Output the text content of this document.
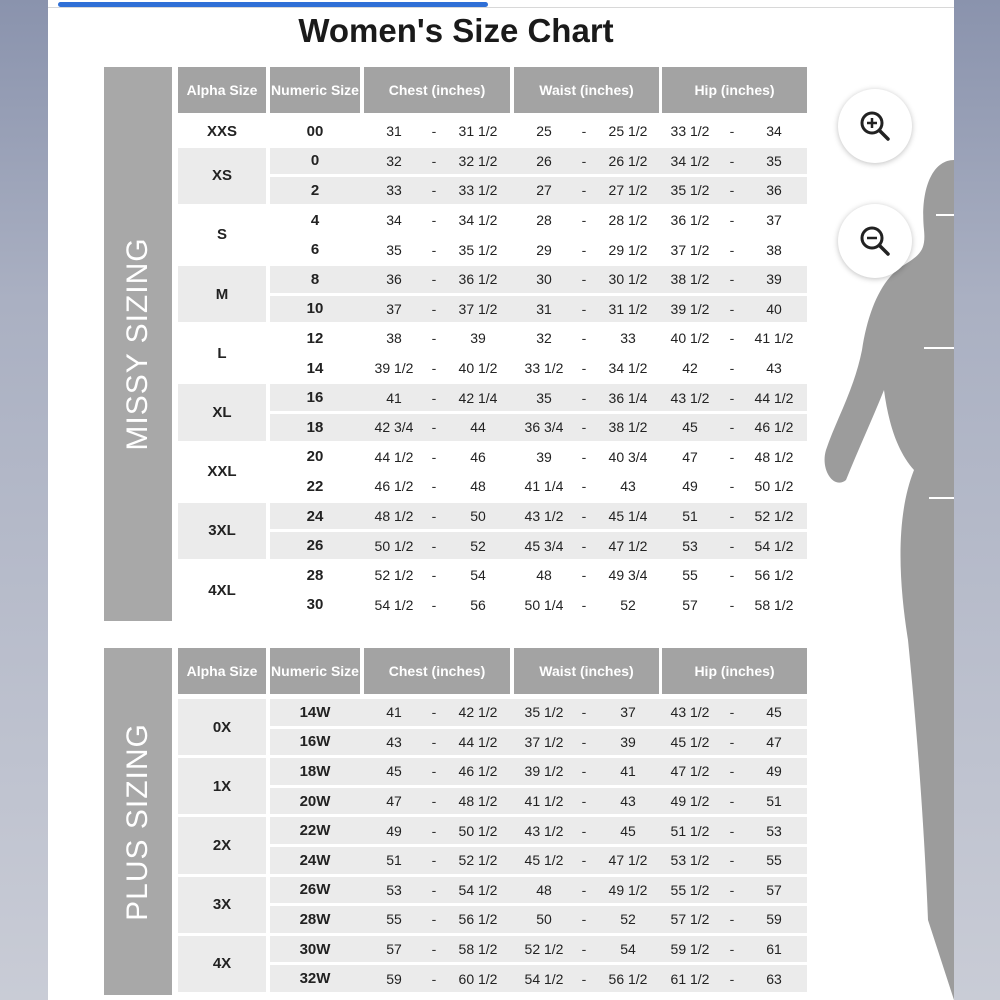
Women's Size Chart
MISSY SIZING
PLUS SIZING
Alpha Size Numeric Size	Chest (inches)	Waist (inches)	Hip (inches)
XXS	00	31	-	31 1/2	25	-	25 1/2	33 1/2	-	34
XS
0	32	-	32 1/2	26	-	26 1/2	34 1/2	-	35
2	33	-	33 1/2	27	-	27 1/2	35 1/2	-	36
S
4	34	-	34 1/2	28	-	28 1/2	36 1/2	-	37
6	35	-	35 1/2	29	-	29 1/2	37 1/2	-	38
M
8	36	-	36 1/2	30	-	30 1/2	38 1/2	-	39
10	37	-	37 1/2	31	-	31 1/2	39 1/2	-	40
L
12	38	-	39	32	-	33	40 1/2	-	41 1/2
14	39 1/2	-	40 1/2	33 1/2	-	34 1/2	42	-	43
XL
16	41	-	42 1/4	35	-	36 1/4	43 1/2	-	44 1/2
18	42 3/4	-	44	36 3/4	-	38 1/2	45	-	46 1/2
XXL
20	44 1/2	-	46	39	-	40 3/4	47	-	48 1/2
22	46 1/2	-	48	41 1/4	-	43	49	-	50 1/2
3XL
24	48 1/2	-	50	43 1/2	-	45 1/4	51	-	52 1/2
26	50 1/2	-	52	45 3/4	-	47 1/2	53	-	54 1/2
4XL
28	52 1/2	-	54	48	-	49 3/4	55	-	56 1/2
30	54 1/2	-	56	50 1/4	-	52	57	-	58 1/2
Alpha Size Numeric Size	Chest (inches)	Waist (inches)	Hip (inches)
0X
14W	41	-	42 1/2	35 1/2	-	37	43 1/2	-	45
16W	43	-	44 1/2	37 1/2	-	39	45 1/2	-	47
1X
18W	45	-	46 1/2	39 1/2	-	41	47 1/2	-	49
20W	47	-	48 1/2	41 1/2	-	43	49 1/2	-	51
2X
22W	49	-	50 1/2	43 1/2	-	45	51 1/2	-	53
24W	51	-	52 1/2	45 1/2	-	47 1/2	53 1/2	-	55
3X
26W	53	-	54 1/2	48	-	49 1/2	55 1/2	-	57
28W	55	-	56 1/2	50	-	52	57 1/2	-	59
4X
30W	57	-	58 1/2	52 1/2	-	54	59 1/2	-	61
32W	59	-	60 1/2	54 1/2	-	56 1/2	61 1/2	-	63
